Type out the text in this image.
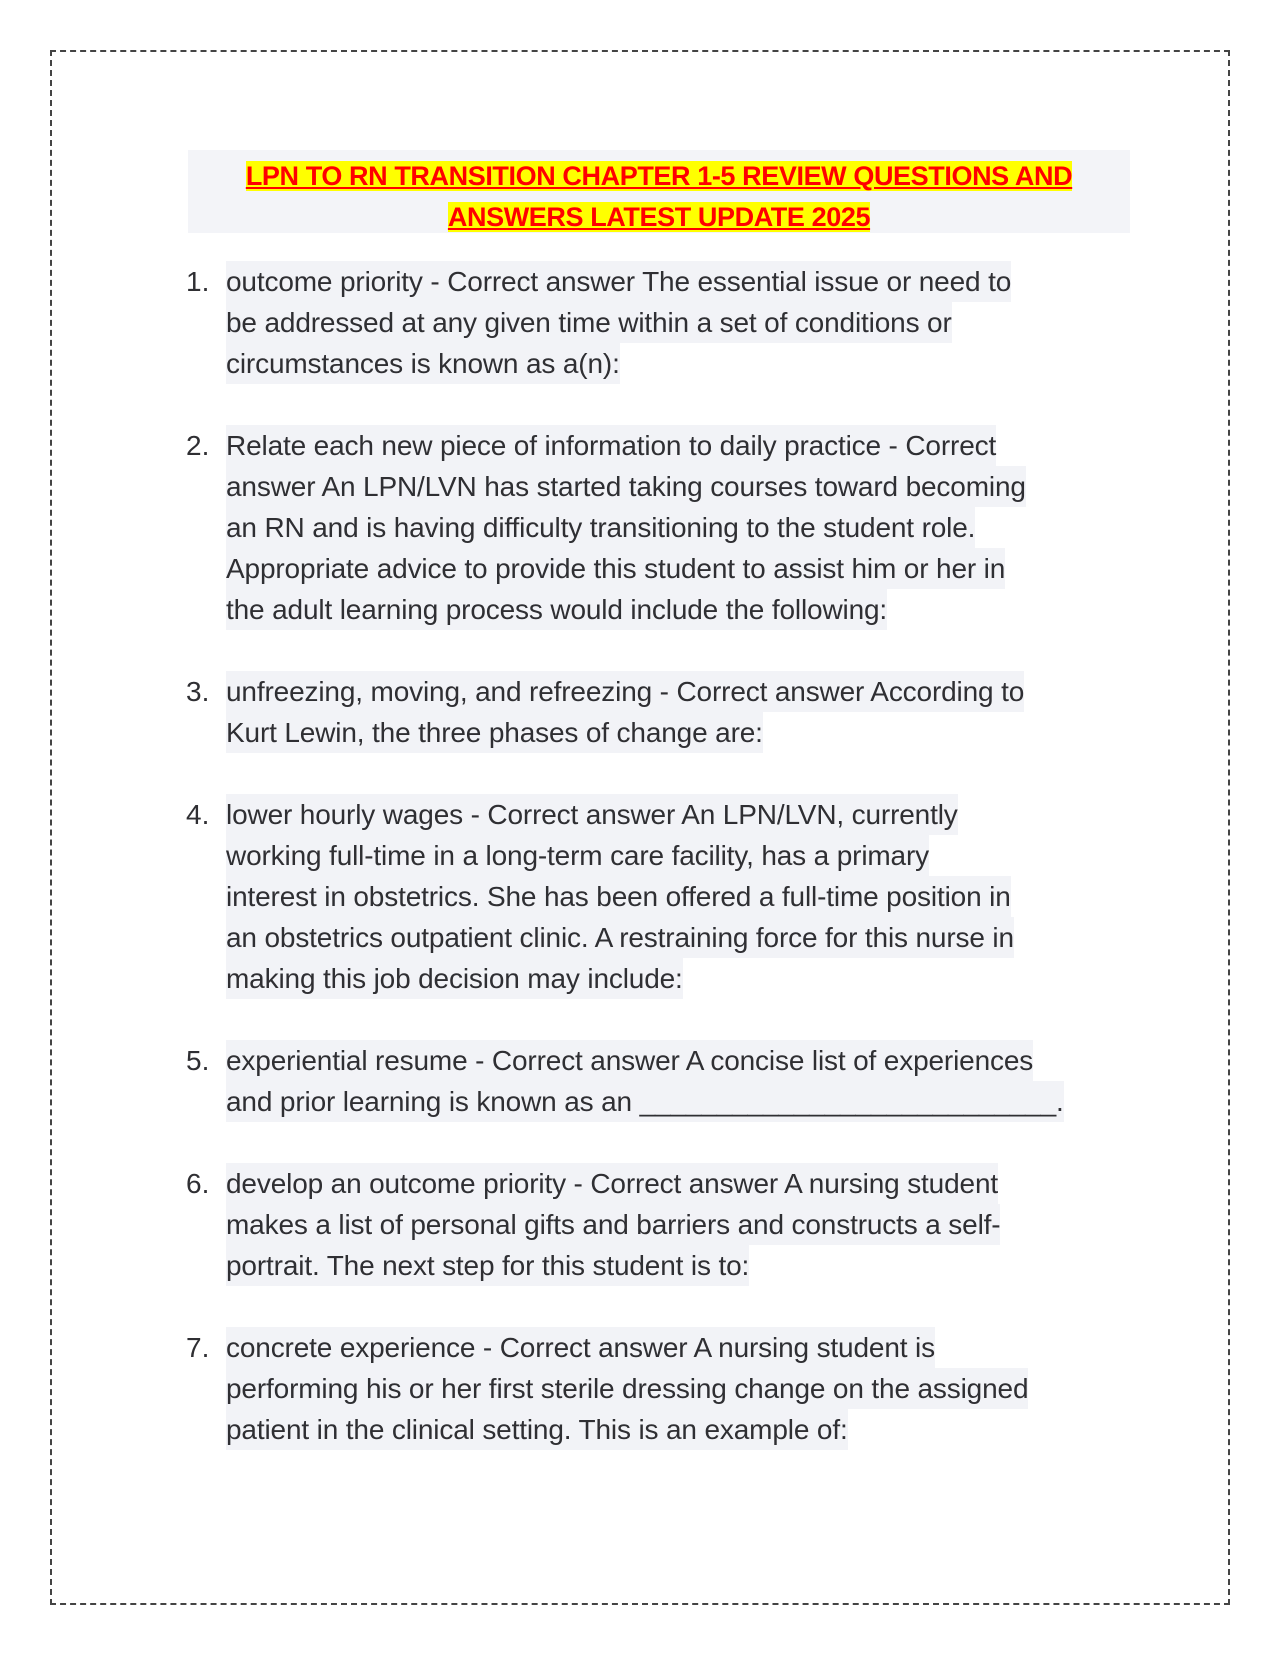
LPN TO RN TRANSITION CHAPTER 1-5 REVIEW QUESTIONS AND
ANSWERS LATEST UPDATE 2025
1. outcome priority - Correct answer The essential issue or need to
be addressed at any given time within a set of conditions or
circumstances is known as a(n):
2. Relate each new piece of information to daily practice - Correct
answer An LPN/LVN has started taking courses toward becoming
an RN and is having difficulty transitioning to the student role.
Appropriate advice to provide this student to assist him or her in
the adult learning process would include the following:
3. unfreezing, moving, and refreezing - Correct answer According to
Kurt Lewin, the three phases of change are:
4. lower hourly wages - Correct answer An LPN/LVN, currently
working full-time in a long-term care facility, has a primary
interest in obstetrics. She has been offered a full-time position in
an obstetrics outpatient clinic. A restraining force for this nurse in
making this job decision may include:
5. experiential resume - Correct answer A concise list of experiences
and prior learning is known as an ___________________________.
6. develop an outcome priority - Correct answer A nursing student
makes a list of personal gifts and barriers and constructs a self-
portrait. The next step for this student is to:
7. concrete experience - Correct answer A nursing student is
performing his or her first sterile dressing change on the assigned
patient in the clinical setting. This is an example of:
